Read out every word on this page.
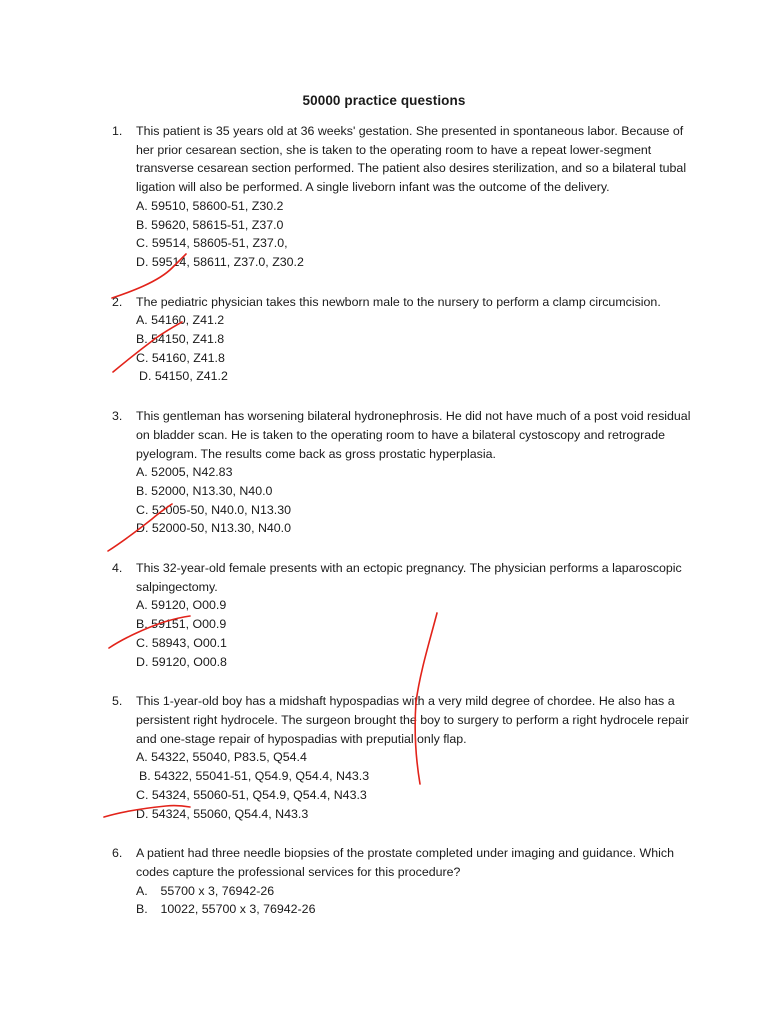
50000 practice questions
1.	This patient is 35 years old at 36 weeks' gestation. She presented in spontaneous labor. Because of her prior cesarean section, she is taken to the operating room to have a repeat lower-segment transverse cesarean section performed. The patient also desires sterilization, and so a bilateral tubal ligation will also be performed. A single liveborn infant was the outcome of the delivery.
A. 59510, 58600-51, Z30.2
B. 59620, 58615-51, Z37.0
C. 59514, 58605-51, Z37.0,
D. 59514, 58611, Z37.0, Z30.2
2.	The pediatric physician takes this newborn male to the nursery to perform a clamp circumcision.
A. 54160, Z41.2
B. 54150, Z41.8
C. 54160, Z41.8
D. 54150, Z41.2
3.	This gentleman has worsening bilateral hydronephrosis. He did not have much of a post void residual on bladder scan. He is taken to the operating room to have a bilateral cystoscopy and retrograde pyelogram. The results come back as gross prostatic hyperplasia.
A. 52005, N42.83
B. 52000, N13.30, N40.0
C. 52005-50, N40.0, N13.30
D. 52000-50, N13.30, N40.0
4.	This 32-year-old female presents with an ectopic pregnancy. The physician performs a laparoscopic salpingectomy.
A. 59120, O00.9
B. 59151, O00.9
C. 58943, O00.1
D. 59120, O00.8
5.	This 1-year-old boy has a midshaft hypospadias with a very mild degree of chordee. He also has a persistent right hydrocele. The surgeon brought the boy to surgery to perform a right hydrocele repair and one-stage repair of hypospadias with preputial only flap.
A. 54322, 55040, P83.5, Q54.4
B. 54322, 55041-51, Q54.9, Q54.4, N43.3
C. 54324, 55060-51, Q54.9, Q54.4, N43.3
D. 54324, 55060, Q54.4, N43.3
6.	A patient had three needle biopsies of the prostate completed under imaging and guidance. Which codes capture the professional services for this procedure?
A. 55700 x 3, 76942-26
B. 10022, 55700 x 3, 76942-26
